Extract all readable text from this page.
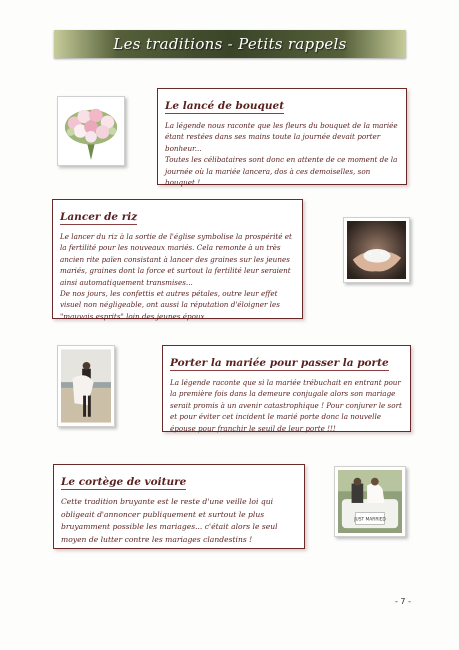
Les traditions - Petits rappels
Le lancé de bouquet

La légende nous raconte que les fleurs du bouquet de la mariée étant restées dans ses mains toute la journée devait porter bonheur...
Toutes les célibataires sont donc en attente de ce moment de la journée où la mariée lancera, dos à ces demoiselles, son bouquet !

Lancer de riz

Le lancer du riz à la sortie de l'église symbolise la prospérité et la fertilité pour les nouveaux mariés. Cela remonte à un très ancien rite païen consistant à lancer des graines sur les jeunes mariés, graines dont la force et surtout la fertilité leur seraient ainsi automatiquement transmises...
De nos jours, les confettis et autres pétales, outre leur effet visuel non négligeable, ont aussi la réputation d'éloigner les "mauvais esprits" loin des jeunes époux

Porter la mariée pour passer la porte

La légende raconte que si la mariée trébuchait en entrant pour la première fois dans la demeure conjugale alors son mariage serait promis à un avenir catastrophique ! Pour conjurer le sort et pour éviter cet incident le marié porte donc la nouvelle épouse pour franchir le seuil de leur porte !!!

Le cortège de voiture

Cette tradition bruyante est le reste d'une veille loi qui obligeait d'annoncer publiquement et surtout le plus bruyamment possible les mariages... c'était alors le seul moyen de lutter contre les mariages clandestins !

JUST MARRIED
- 7 -
